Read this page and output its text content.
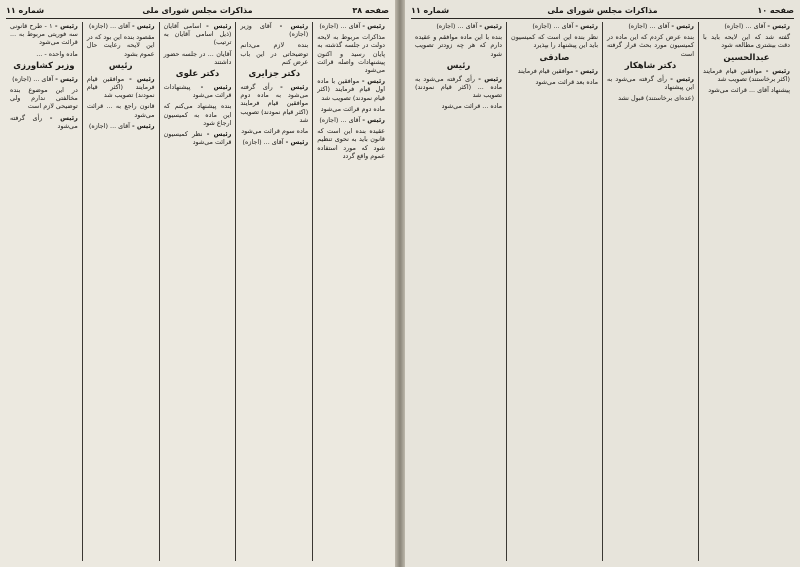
صفحه ۳۸
مذاکرات مجلس شورای ملی
شماره ۱۱

رئیس - آقای ... (اجازه)

مذاکرات مربوط به لایحه دولت در جلسه گذشته به پایان رسید و اکنون پیشنهادات واصله قرائت می‌شود

رئیس - موافقین با ماده اول قیام فرمایند (اکثر قیام نمودند) تصویب شد

ماده دوم قرائت می‌شود

رئیس - آقای ... (اجازه)

عقیده بنده این است که قانون باید به نحوی تنظیم شود که مورد استفاده عموم واقع گردد

رئیس - آقای وزیر (اجازه)

بنده لازم می‌دانم توضیحاتی در این باب عرض کنم

دکتر جزایری

رئیس - رأی گرفته می‌شود به ماده دوم موافقین قیام فرمایند (اکثر قیام نمودند) تصویب شد

ماده سوم قرائت می‌شود

رئیس - آقای ... (اجازه)

رئیس - اسامی آقایان (ذیل اسامی آقایان به ترتیب)

آقایان ... در جلسه حضور داشتند

دکتر علوی

رئیس - پیشنهادات قرائت می‌شود

بنده پیشنهاد می‌کنم که این ماده به کمیسیون ارجاع شود

رئیس - نظر کمیسیون قرائت می‌شود

رئیس - آقای ... (اجازه)

مقصود بنده این بود که در این لایحه رعایت حال عموم بشود

رئیس

رئیس - موافقین قیام فرمایند (اکثر قیام نمودند) تصویب شد

قانون راجع به ... قرائت می‌شود

رئیس - آقای ... (اجازه)

رئیس - ۱ - طرح قانونی سه فوریتی مربوط به ... قرائت می‌شود

ماده واحده - ...

وزیر کشاورزی

رئیس - آقای ... (اجازه)

در این موضوع بنده مخالفتی ندارم ولی توضیحی لازم است

رئیس - رأی گرفته می‌شود

صفحه ۱۰
مذاکرات مجلس شورای ملی
شماره ۱۱

رئیس - آقای ... (اجازه)

گفته شد که این لایحه باید با دقت بیشتری مطالعه شود

عبدالحسین

رئیس - موافقین قیام فرمایند (اکثر برخاستند) تصویب شد

پیشنهاد آقای ... قرائت می‌شود

رئیس - آقای ... (اجازه)

بنده عرض کردم که این ماده در کمیسیون مورد بحث قرار گرفته است

دکتر شاهکار

رئیس - رأی گرفته می‌شود به این پیشنهاد

(عده‌ای برخاستند) قبول نشد

رئیس - آقای ... (اجازه)

نظر بنده این است که کمیسیون باید این پیشنهاد را بپذیرد

صادقی

رئیس - موافقین قیام فرمایند

ماده بعد قرائت می‌شود

رئیس - آقای ... (اجازه)

بنده با این ماده موافقم و عقیده دارم که هر چه زودتر تصویب شود

رئیس

رئیس - رأی گرفته می‌شود به ماده ... (اکثر قیام نمودند) تصویب شد

ماده ... قرائت می‌شود
